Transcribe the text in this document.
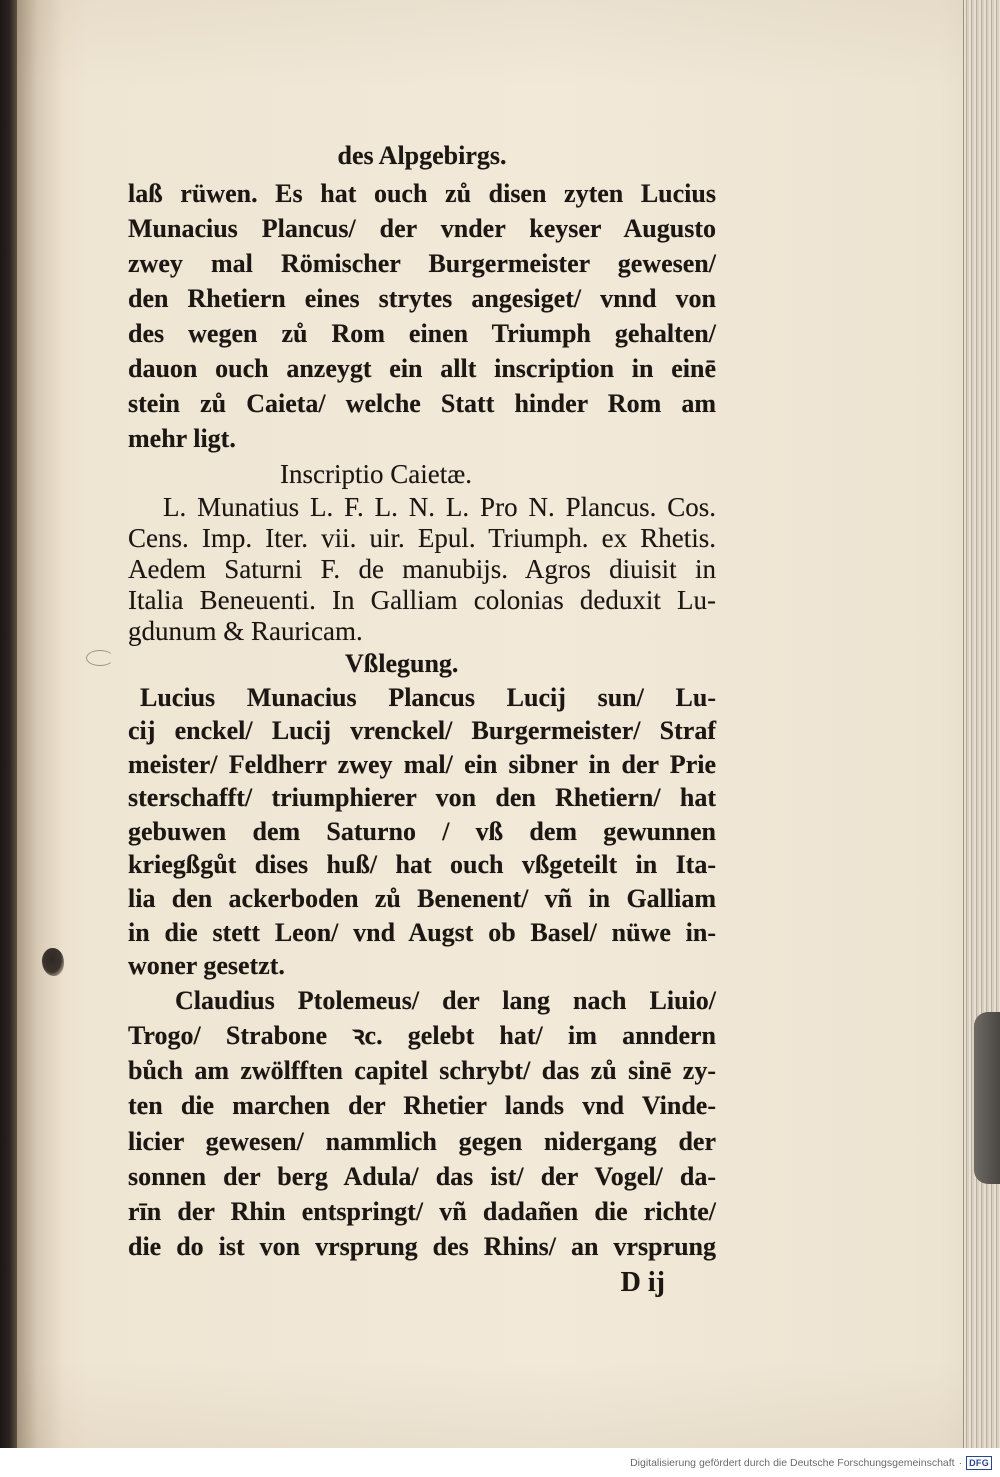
des Alpgebirgs.
laß rüwen. Es hat ouch zů disen zyten Lucius
Munacius Plancus/ der vnder keyser Augusto
zwey mal Römischer Burgermeister gewesen/
den Rhetiern eines strytes angesiget/ vnnd von
des wegen zů Rom einen Triumph gehalten/
dauon ouch anzeygt ein allt inscription in einē
stein zů Caieta/ welche Statt hinder Rom am
mehr ligt.
Inscriptio Caietæ.
L. Munatius L. F. L. N. L. Pro N. Plancus. Cos.
Cens. Imp. Iter. vii. uir. Epul. Triumph. ex Rhetis.
Aedem Saturni F. de manubijs. Agros diuisit in
Italia Beneuenti. In Galliam colonias deduxit Lu-
gdunum & Rauricam.
Vßlegung.
Lucius Munacius Plancus Lucij sun/ Lu-
cij enckel/ Lucij vrenckel/ Burgermeister/ Straf
meister/ Feldherr zwey mal/ ein sibner in der Prie
sterschafft/ triumphierer von den Rhetiern/ hat
gebuwen dem Saturno / vß dem gewunnen
kriegßgůt dises huß/ hat ouch vßgeteilt in Ita-
lia den ackerboden zů Benenent/ vñ in Galliam
in die stett Leon/ vnd Augst ob Basel/ nüwe in-
woner gesetzt.
Claudius Ptolemeus/ der lang nach Liuio/
Trogo/ Strabone ꝛc. gelebt hat/ im anndern
bůch am zwölfften capitel schrybt/ das zů sinē zy-
ten die marchen der Rhetier lands vnd Vinde-
licier gewesen/ nammlich gegen nidergang der
sonnen der berg Adula/ das ist/ der Vogel/ da-
rīn der Rhin entspringt/ vñ dadañen die richte/
die do ist von vrsprung des Rhins/ an vrsprung
D ij
Digitalisierung gefördert durch die Deutsche Forschungsgemeinschaft · DFG
